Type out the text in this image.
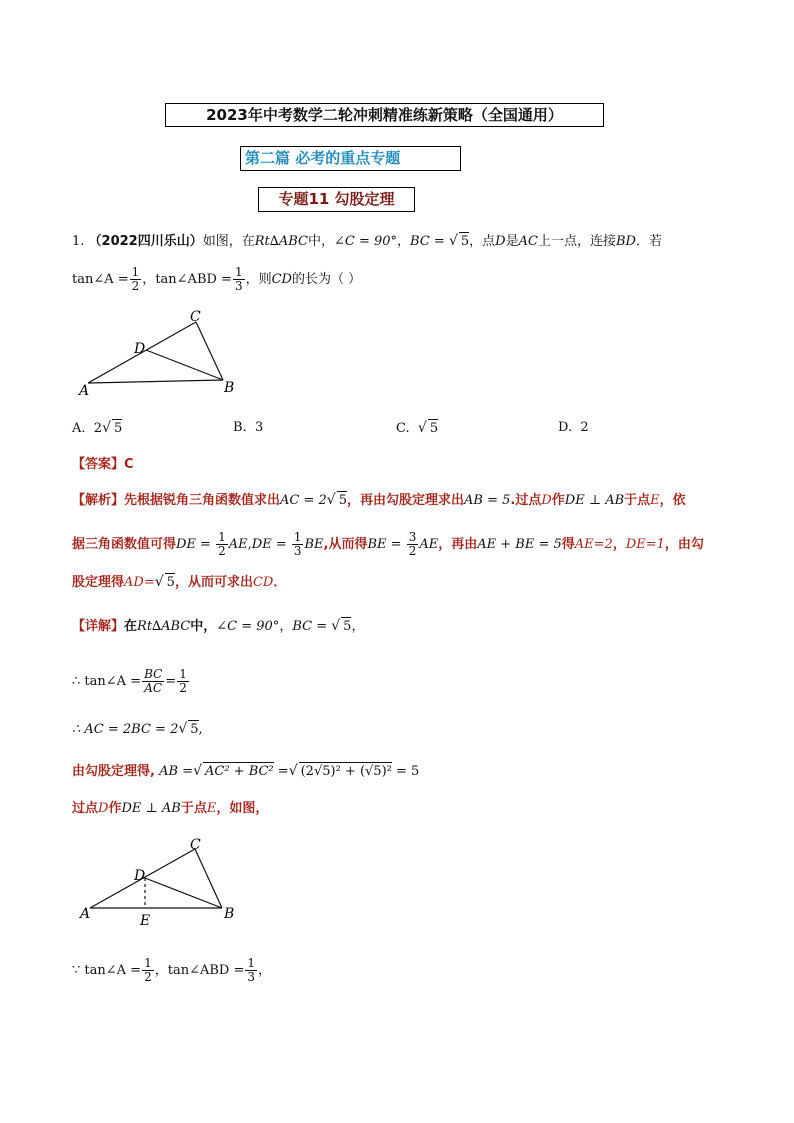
2023年中考数学二轮冲刺精准练新策略（全国通用）
第二篇 必考的重点专题
专题11 勾股定理
1. （2022四川乐山）如图，在Rt∆ABC中，∠C = 90°，BC = √ 5，点D是AC上一点，连接BD．若
tan∠A = $\frac{1}{2}$ ，tan∠ABD = $\frac{1}{3}$ ，则CD的长为（ ）
C
D
A	B
A. 2√ 5	B. 3	C. √ 5	D. 2
【答案】C
【解析】先根据锐角三角函数值求出AC = 2√ 5，再由勾股定理求出AB = 5.过点D作DE ⊥ AB于点E，依
据三角函数值可得DE = $\frac{1}{2} AE,DE = \frac{1}{3}$ BE,从而得BE = $\frac{3}{2}$ AE，再由AE + BE = 5得AE=2，DE=1，由勾
股定理得AD=√ 5，从而可求出CD．
【详解】在Rt∆ABC中，∠C = 90°，BC = √ 5，
∴ tan∠A = $\frac{BC}{AC} = \frac{1}{2}$
∴ AC = 2BC = 2√ 5,
由勾股定理得, AB =√ AC² + BC² =√ (2√5)² + (√5)² = 5
过点D作DE ⊥ AB于点E，如图，
C
D
A	B
E
∵ tan∠A = $\frac{1}{2}$ ，tan∠ABD = $\frac{1}{3}$ ，
